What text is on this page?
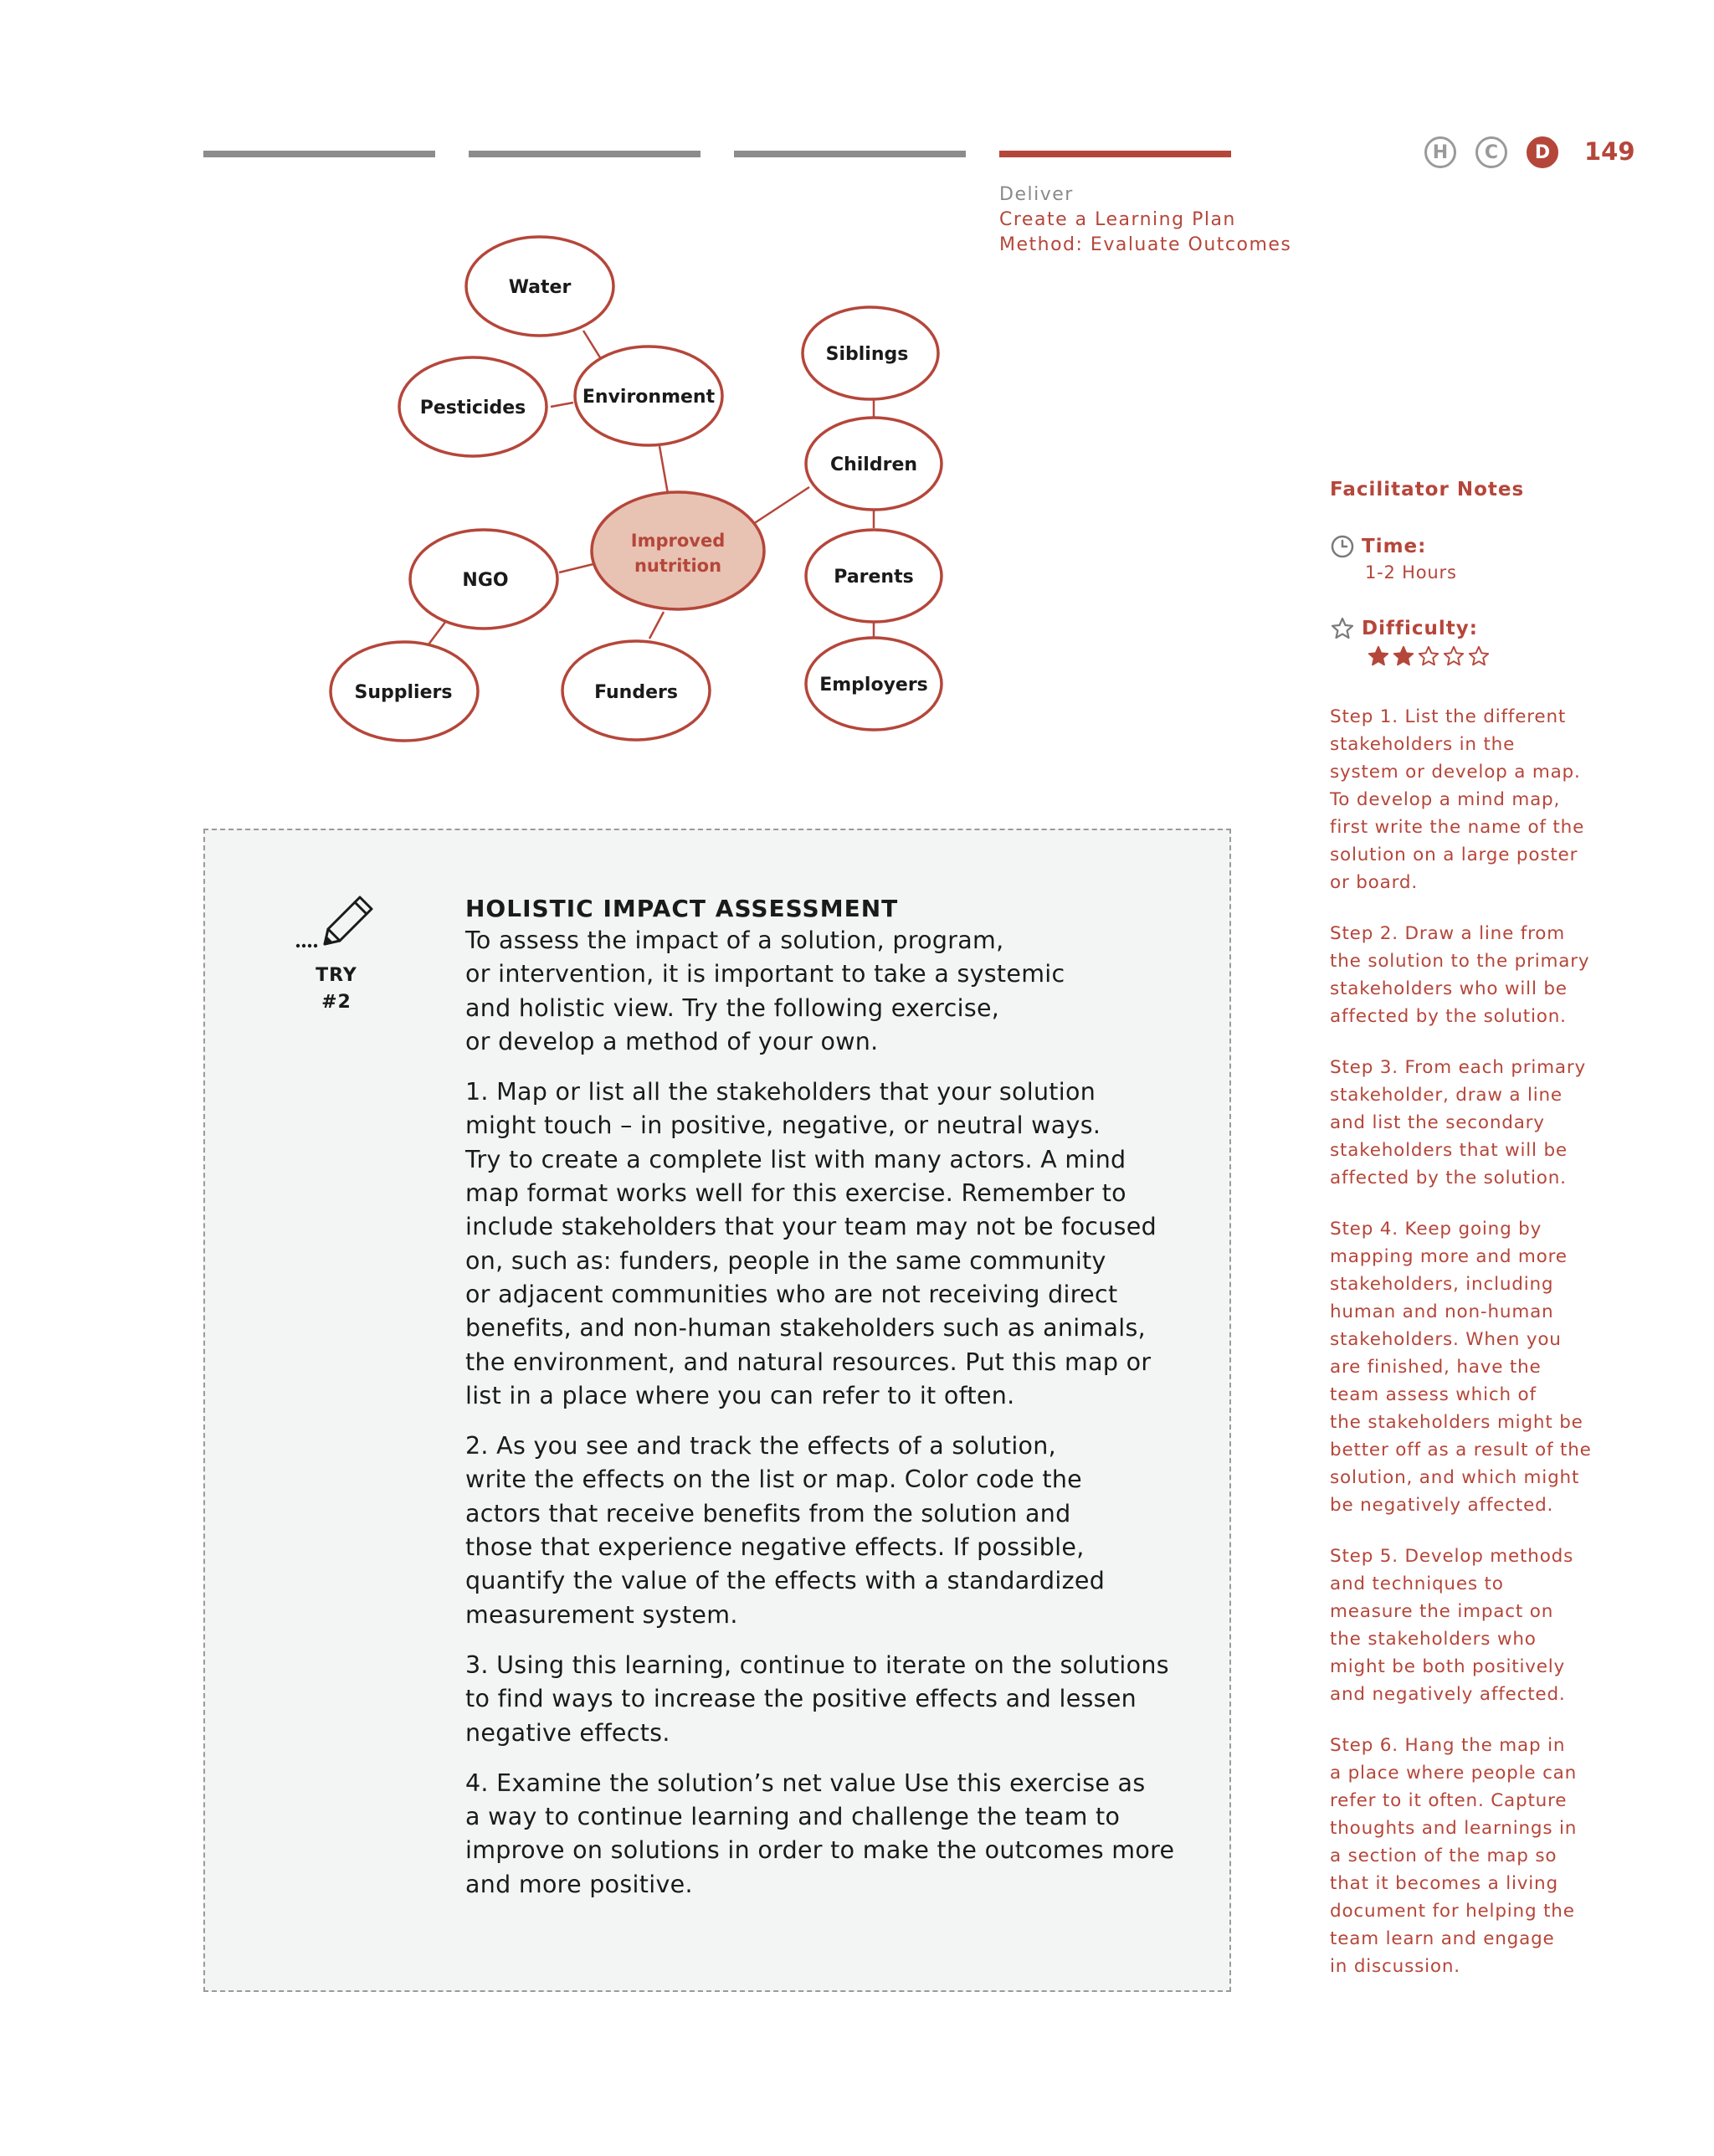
Deliver
Create a Learning Plan
Method: Evaluate Outcomes
H	C	D	149
Water
Pesticides
Environment
Siblings
Children
NGO	Parents
Suppliers	Funders	Employers
Improved
nutrition
TRY
#2
HOLISTIC IMPACT ASSESSMENT

To assess the impact of a solution, program,
or intervention, it is important to take a systemic
and holistic view. Try the following exercise,
or develop a method of your own.

1. Map or list all the stakeholders that your solution
might touch – in positive, negative, or neutral ways.
Try to create a complete list with many actors. A mind
map format works well for this exercise. Remember to
include stakeholders that your team may not be focused
on, such as: funders, people in the same community
or adjacent communities who are not receiving direct
benefits, and non-human stakeholders such as animals,
the environment, and natural resources. Put this map or
list in a place where you can refer to it often.

2. As you see and track the effects of a solution,
write the effects on the list or map. Color code the
actors that receive benefits from the solution and
those that experience negative effects. If possible,
quantify the value of the effects with a standardized
measurement system.

3. Using this learning, continue to iterate on the solutions
to find ways to increase the positive effects and lessen
negative effects.

4. Examine the solution’s net value Use this exercise as
a way to continue learning and challenge the team to
improve on solutions in order to make the outcomes more
and more positive.

Facilitator Notes
Time:
1-2 Hours
Difficulty:

Step 1. List the different
stakeholders in the
system or develop a map.
To develop a mind map,
first write the name of the
solution on a large poster
or board.

Step 2. Draw a line from
the solution to the primary
stakeholders who will be
affected by the solution.

Step 3. From each primary
stakeholder, draw a line
and list the secondary
stakeholders that will be
affected by the solution.

Step 4. Keep going by
mapping more and more
stakeholders, including
human and non-human
stakeholders. When you
are finished, have the
team assess which of
the stakeholders might be
better off as a result of the
solution, and which might
be negatively affected.

Step 5. Develop methods
and techniques to
measure the impact on
the stakeholders who
might be both positively
and negatively affected.

Step 6. Hang the map in
a place where people can
refer to it often. Capture
thoughts and learnings in
a section of the map so
that it becomes a living
document for helping the
team learn and engage
in discussion.
